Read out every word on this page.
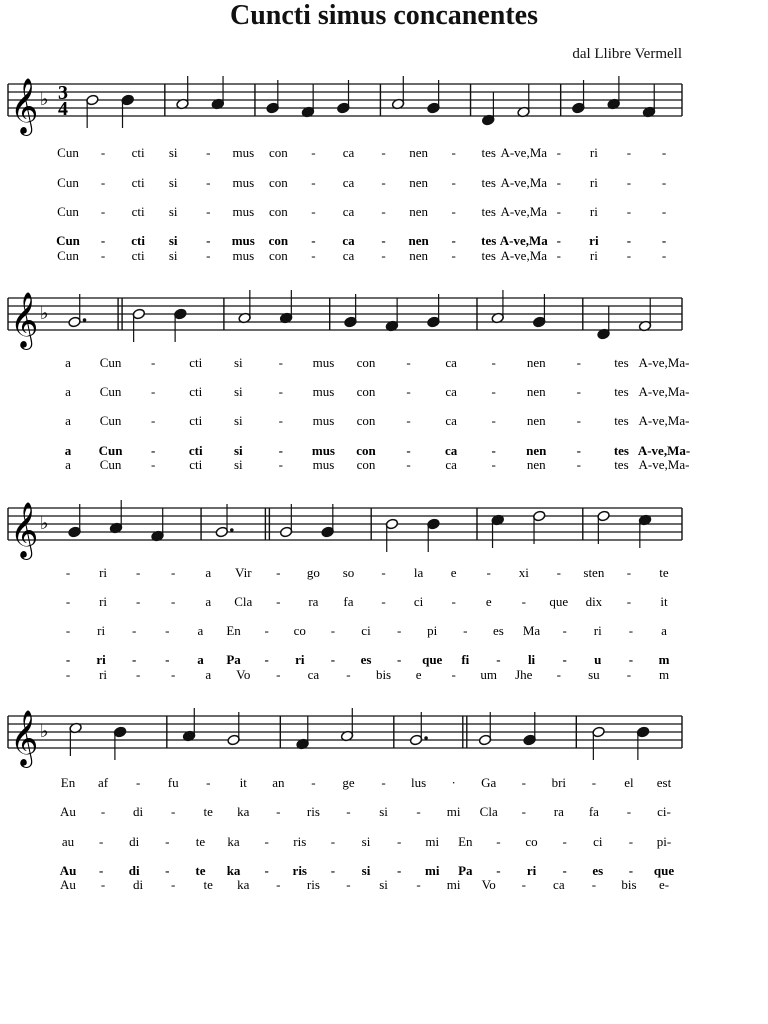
Cuncti simus concanentes
dal Llibre Vermell
𝄞 ♭ 3
4
Cun - cti si - mus con - ca - nen - tes A-ve,Ma - ri - -
Cun - cti si - mus con - ca - nen - tes A-ve,Ma - ri - -
Cun - cti si - mus con - ca - nen - tes A-ve,Ma - ri - -
Cun - cti si - mus con - ca - nen - tes A-ve,Ma - ri - -
Cun - cti si - mus con - ca - nen - tes A-ve,Ma - ri - -
𝄞 ♭
a Cun -	cti si	- mus con -	ca	- nen -	tes A-ve,Ma-
a Cun -	cti si	- mus con -	ca	- nen -	tes A-ve,Ma-
a Cun -	cti si	- mus con -	ca	- nen -	tes A-ve,Ma-
a Cun -	cti si	- mus con -	ca	- nen -	tes A-ve,Ma-
a Cun -	cti si	- mus con -	ca	- nen -	tes A-ve,Ma-
𝄞 ♭
- ri - - a Vir - go so - la e - xi - sten - te
- ri - - a Cla - ra fa - ci - e - que dix - it
- ri - - a En - co - ci - pi - es Ma - ri - a
- ri - - a Pa - ri - es - que fi - li - u - m
- ri - - a Vo - ca - bis e - um Jhe - su - m
𝄞 ♭
En af - fu - it an - ge - lus · Ga - bri - el est
Au - di - te ka - ris - si - mi Cla - ra fa - ci-
au - di - te ka - ris - si - mi En - co - ci - pi-
Au - di - te ka - ris - si - mi Pa - ri - es - que
Au - di - te ka - ris - si - mi Vo - ca - bis e-
